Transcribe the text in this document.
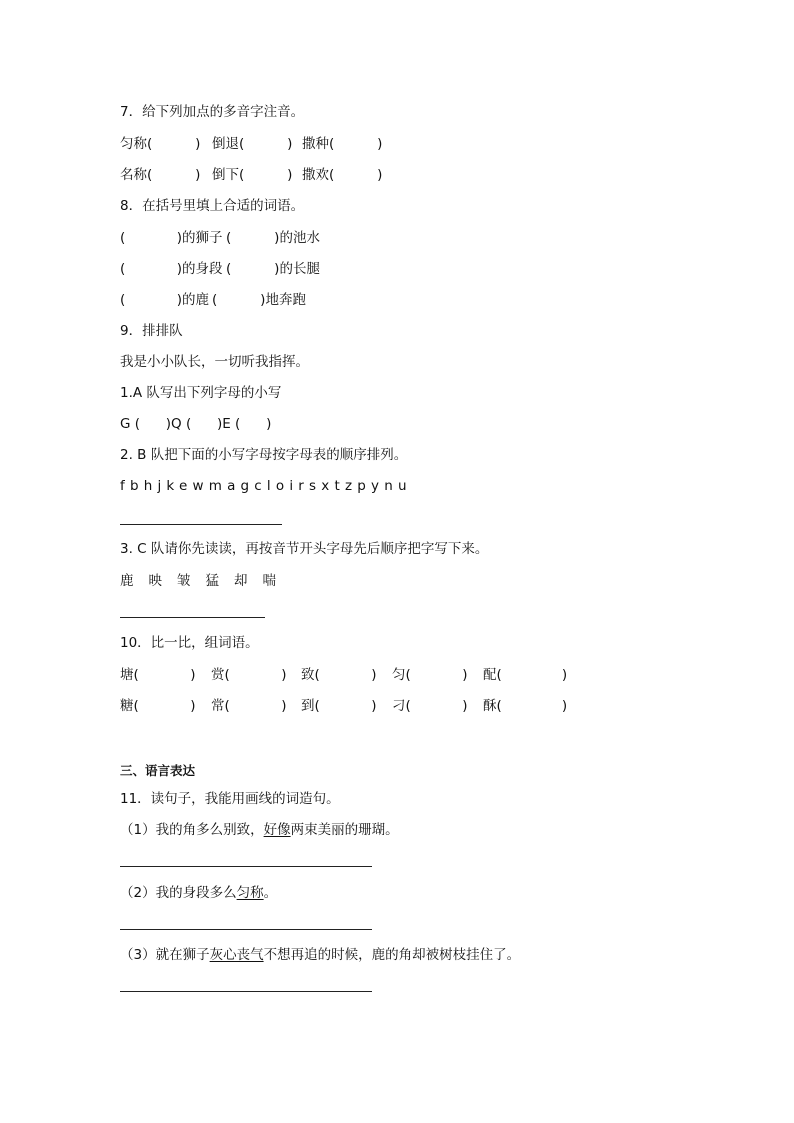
7．给下列加点的多音字注音。
匀称(          ) 倒退(          ) 撒种(          )
名称(          ) 倒下(          ) 撒欢(          )
8．在括号里填上合适的词语。
(            )的狮子 (          )的池水
(            )的身段 (          )的长腿
(            )的鹿 (          )地奔跑
9．排排队
我是小小队长，一切听我指挥。
1.A 队写出下列字母的小写
G (      )Q (      )E (      )
2. B 队把下面的小写字母按字母表的顺序排列。
fbhjkewmagcloirsxtzpynu
3. C 队请你先读读，再按音节开头字母先后顺序把字写下来。
鹿映皱猛却喘
10．比一比，组词语。
塘(            ) 赏(            ) 致(            ) 匀(            ) 配(              )
糖(            ) 常(            ) 到(            ) 刁(            ) 酥(              )
三、语言表达
11．读句子，我能用画线的词造句。
（1）我的角多么别致，好像两束美丽的珊瑚。
（2）我的身段多么匀称。
（3）就在狮子灰心丧气不想再追的时候，鹿的角却被树枝挂住了。
